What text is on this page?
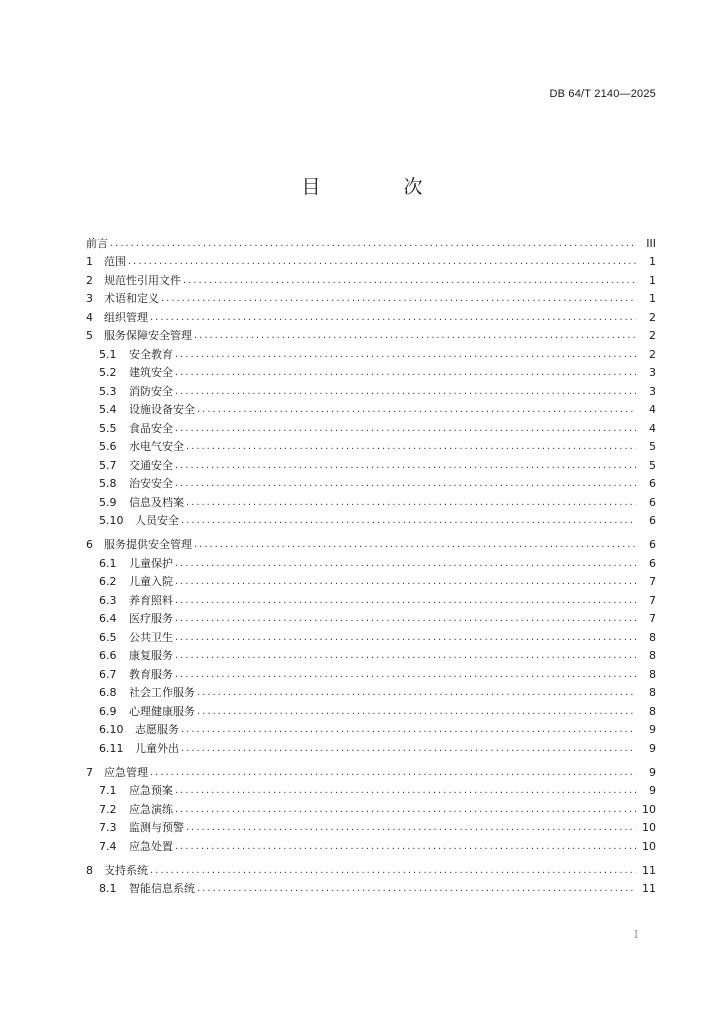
DB 64/T 2140—2025
目　次
前言 . . .	III
1 范围 . . .	1
2 规范性引用文件 . . .	1
3 术语和定义 . . .	1
4 组织管理 . . .	2
5 服务保障安全管理 . . .	2
5.1	安全教育 . . .	2
5.2	建筑安全 . . .	3
5.3	消防安全 . . .	3
5.4	设施设备安全 . . .	4
5.5	食品安全 . . .	4
5.6	水电气安全 . . .	5
5.7	交通安全 . . .	5
5.8	治安安全 . . .	6
5.9	信息及档案 . . .	6
5.10	人员安全 . . .	6
6 服务提供安全管理 . . .	6
6.1	儿童保护 . . .	6
6.2	儿童入院 . . .	7
6.3	养育照料 . . .	7
6.4	医疗服务 . . .	7
6.5	公共卫生 . . .	8
6.6	康复服务 . . .	8
6.7	教育服务 . . .	8
6.8	社会工作服务 . . .	8
6.9	心理健康服务 . . .	8
6.10	志愿服务 . . .	9
6.11	儿童外出 . . .	9
7 应急管理 . . .	9
7.1	应急预案 . . .	9
7.2	应急演练 . . .	10
7.3	监测与预警 . . .	10
7.4	应急处置 . . .	10
8 支持系统 . . .	11
8.1	智能信息系统 . . .	11
I
